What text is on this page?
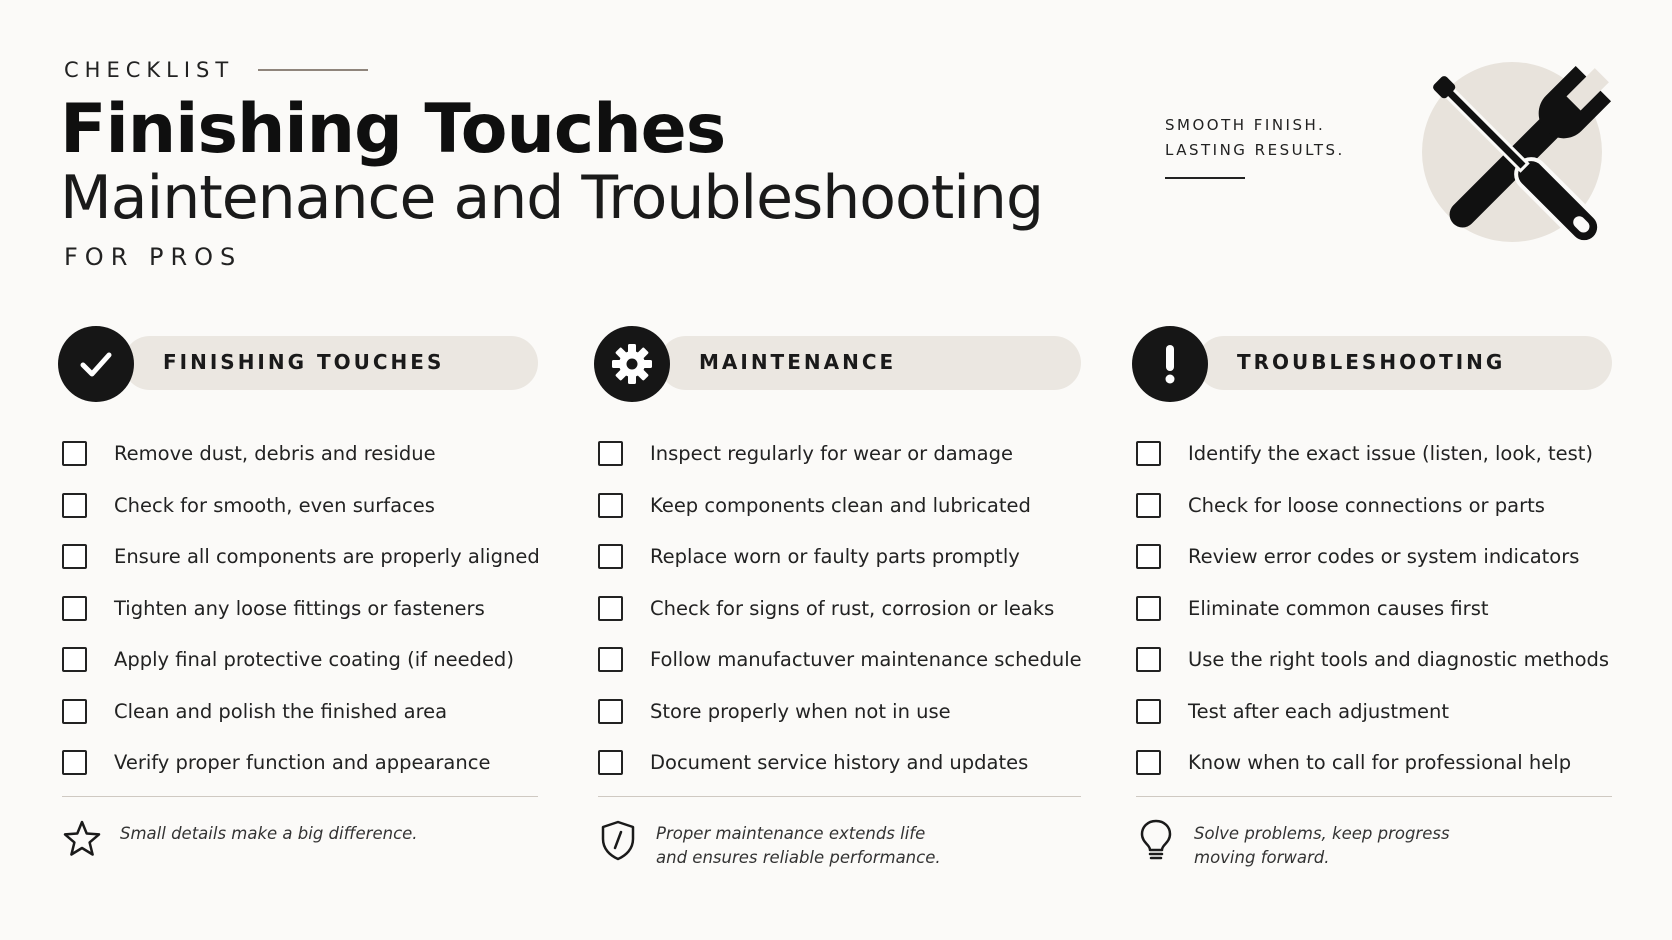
CHECKLIST
Finishing Touches
Maintenance and Troubleshooting
FOR PROS
SMOOTH FINISH.
LASTING RESULTS.
FINISHING TOUCHES
Remove dust, debris and residue
Check for smooth, even surfaces
Ensure all components are properly aligned
Tighten any loose fittings or fasteners
Apply final protective coating (if needed)
Clean and polish the finished area
Verify proper function and appearance
Small details make a big difference.
MAINTENANCE
Inspect regularly for wear or damage
Keep components clean and lubricated
Replace worn or faulty parts promptly
Check for signs of rust, corrosion or leaks
Follow manufactuver maintenance schedule
Store properly when not in use
Document service history and updates
Proper maintenance extends life
and ensures reliable performance.
TROUBLESHOOTING
Identify the exact issue (listen, look, test)
Check for loose connections or parts
Review error codes or system indicators
Eliminate common causes first
Use the right tools and diagnostic methods
Test after each adjustment
Know when to call for professional help
Solve problems, keep progress
moving forward.
